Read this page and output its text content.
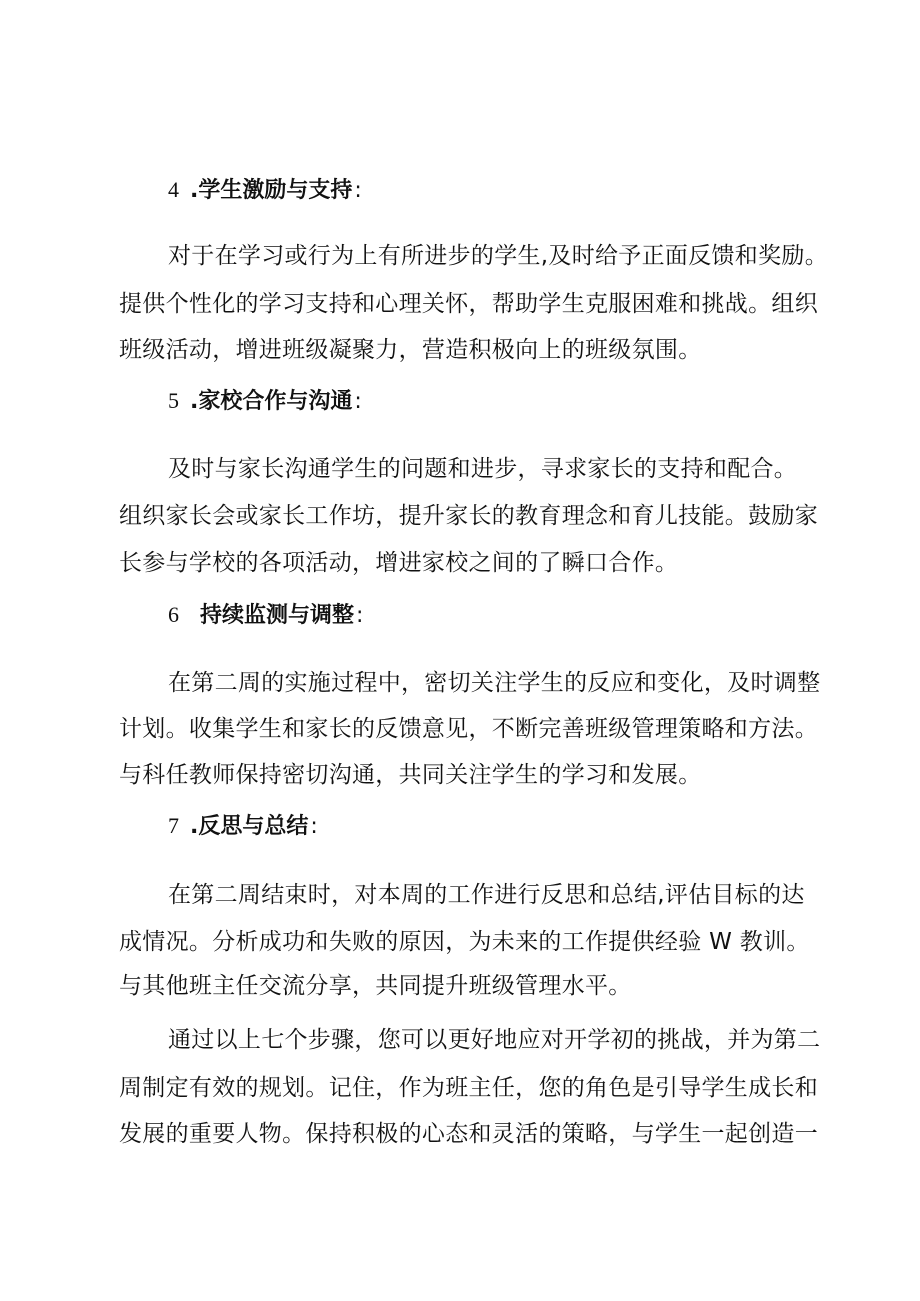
4 .学生激励与支持:
对于在学习或行为上有所进步的学生,及时给予正面反馈和奖励。
提供个性化的学习支持和心理关怀，帮助学生克服困难和挑战。组织
班级活动，增进班级凝聚力，营造积极向上的班级氛围。
5 .家校合作与沟通:
及时与家长沟通学生的问题和进步，寻求家长的支持和配合。
组织家长会或家长工作坊，提升家长的教育理念和育儿技能。鼓励家
长参与学校的各项活动，增进家校之间的了瞬口合作。
6 持续监测与调整:
在第二周的实施过程中，密切关注学生的反应和变化，及时调整
计划。收集学生和家长的反馈意见，不断完善班级管理策略和方法。
与科任教师保持密切沟通，共同关注学生的学习和发展。
7 .反思与总结:
在第二周结束时，对本周的工作进行反思和总结,评估目标的达
成情况。分析成功和失败的原因，为未来的工作提供经验 W 教训。
与其他班主任交流分享，共同提升班级管理水平。
通过以上七个步骤，您可以更好地应对开学初的挑战，并为第二
周制定有效的规划。记住，作为班主任，您的角色是引导学生成长和
发展的重要人物。保持积极的心态和灵活的策略，与学生一起创造一
